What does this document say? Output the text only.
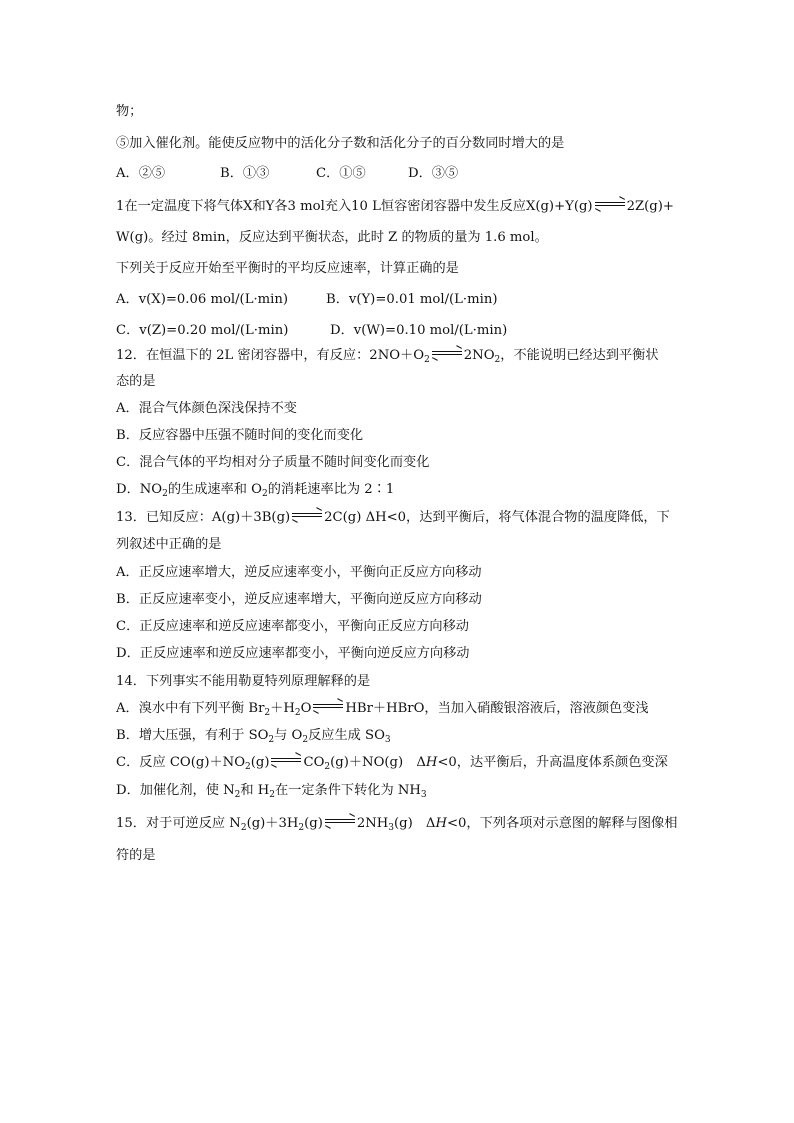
物；
⑤加入催化剂。能使反应物中的活化分子数和活化分子的百分数同时增大的是
A．②⑤	B．①③	C．①⑤	D．③⑤
1在一定温度下将气体X和Y各3 mol充入10 L恒容密闭容器中发生反应X(g)+Y(g)	2Z(g)+
W(g)。经过 8min，反应达到平衡状态，此时 Z 的物质的量为 1.6 mol。
下列关于反应开始至平衡时的平均反应速率，计算正确的是
A．v(X)=0.06 mol/(L·min)	B．v(Y)=0.01 mol/(L·min)
C．v(Z)=0.20 mol/(L·min)	D．v(W)=0.10 mol/(L·min)
12．在恒温下的 2L 密闭容器中，有反应：$2NO+O_2$	$2NO_2$，不能说明已经达到平衡状
态的是
A．混合气体颜色深浅保持不变
B．反应容器中压强不随时间的变化而变化
C．混合气体的平均相对分子质量不随时间变化而变化
D．$NO_2$的生成速率和 $O_2$的消耗速率比为 2∶1
13．已知反应：A(g)＋3B(g)	2C(g) ΔH<0，达到平衡后，将气体混合物的温度降低，下
列叙述中正确的是
A．正反应速率增大，逆反应速率变小，平衡向正反应方向移动
B．正反应速率变小，逆反应速率增大，平衡向逆反应方向移动
C．正反应速率和逆反应速率都变小，平衡向正反应方向移动
D．正反应速率和逆反应速率都变小，平衡向逆反应方向移动
14．下列事实不能用勒夏特列原理解释的是
A．溴水中有下列平衡 $Br_2+H_2O$	HBr＋HBrO，当加入硝酸银溶液后，溶液颜色变浅
B．增大压强，有利于 $SO_2$与 $O_2$反应生成 $SO_3$
C．反应 $CO(g)+NO_2(g)$	$CO_2(g)+NO(g)$　ΔH<0，达平衡后，升高温度体系颜色变深
D．加催化剂，使 $N_2$和 $H_2$在一定条件下转化为 $NH_3$
15．对于可逆反应 $N_2(g)+3H_2(g)$	$2NH_3(g)$　ΔH<0，下列各项对示意图的解释与图像相
符的是
